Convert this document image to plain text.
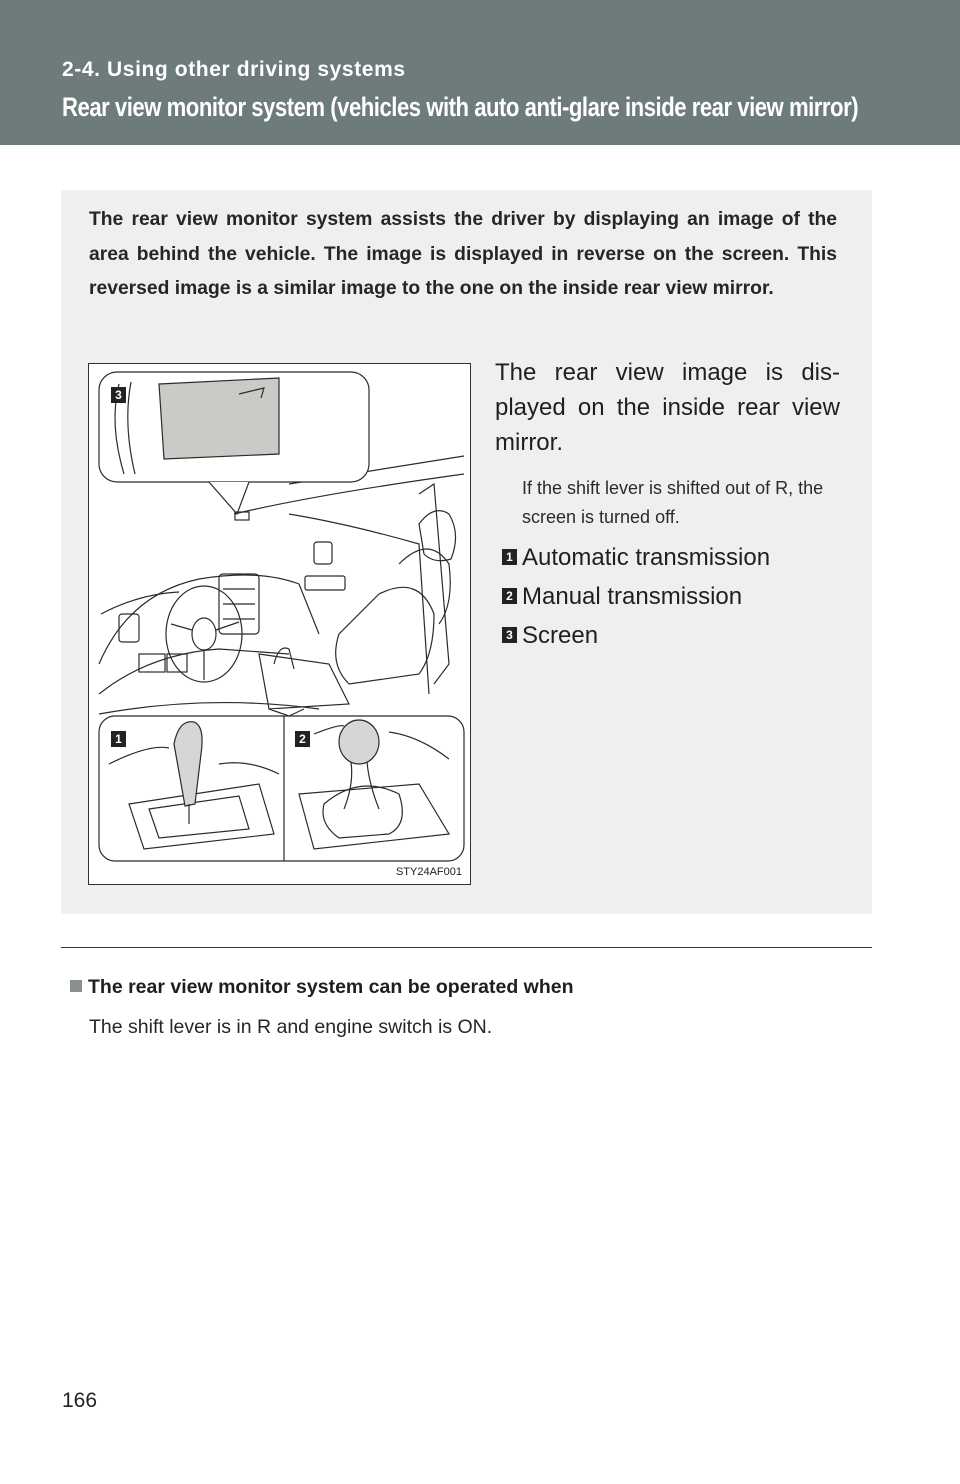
2-4. Using other driving systems
Rear view monitor system (vehicles with auto anti-glare inside rear view mirror)
The rear view monitor system assists the driver by displaying an image of the area behind the vehicle. The image is displayed in reverse on the screen. This reversed image is a similar image to the one on the inside rear view mirror.
3
1	2
STY24AF001
The rear view image is dis-played on the inside rear view mirror.
If the shift lever is shifted out of R, the screen is turned off.
1 Automatic transmission
2 Manual transmission
3 Screen
The rear view monitor system can be operated when
The shift lever is in R and engine switch is ON.
166
